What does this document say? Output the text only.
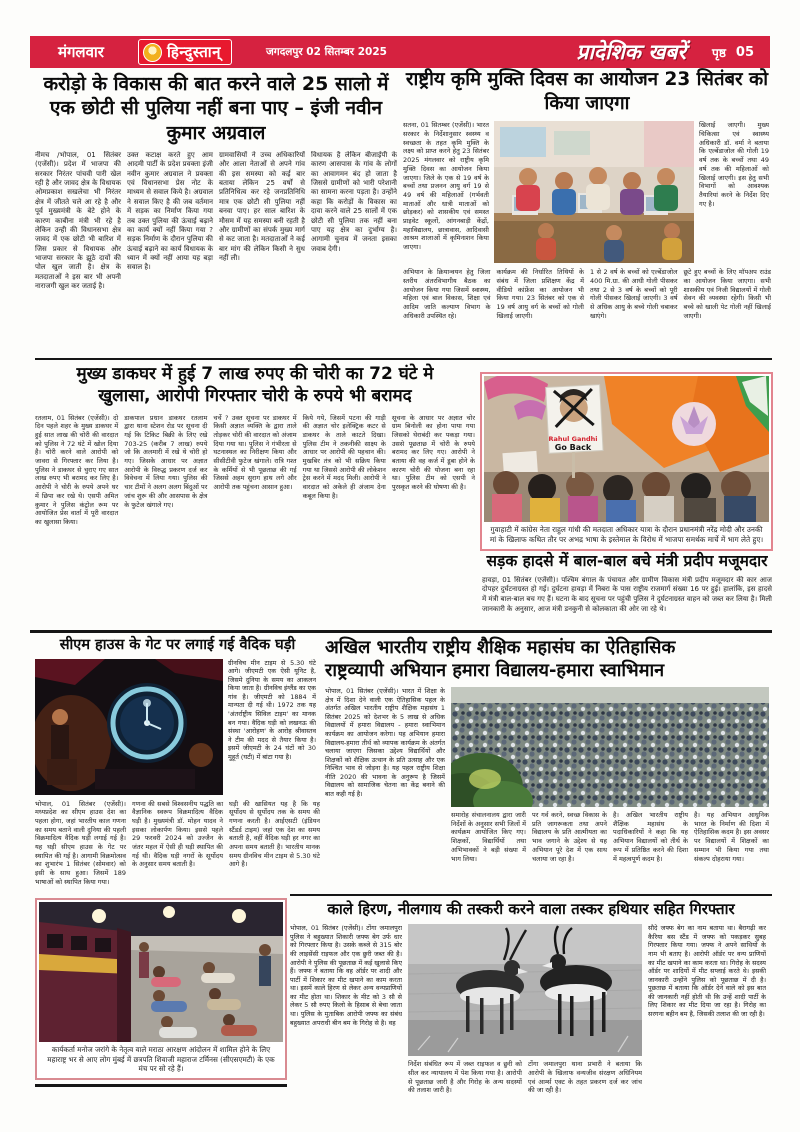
मंगलवार	हिन्दुस्तान्	जगदलपुर 02 सितम्बर 2025	प्रादेशिक खबरें पृष्ठ 05
करोड़ो के विकास की बात करने वाले 25 सालो में एक छोटी सी पुलिया नहीं बना पाए – इंजी नवीन कुमार अग्रवाल
नीमच /भोपाल, 01 सितंबर (एजेंसी)। प्रदेश में भाजपा की सरकार निरंतर पांचवी पारी खेल रही है और जावद क्षेत्र के विधायक ओमप्रकाश सखलेचा भी निरंतर क्षेत्र में जीतते चले आ रहे है और पूर्व मुख्यमंत्री के बेटे होने के कारण काबीना मंत्री भी रहे है लेकिन उन्ही की विधानसभा क्षेत्र जावद में एक छोटी भी बारिश में जिस प्रकार से विधायक और भाजपा सरकार के झूठे दावों की पोल खुल जाती है। क्षेत्र के मतदाताओं ने इस बार भी अपनी नाराजगी खुल कर जताई है।
उक्त कटाक्ष करते हुए आम आदमी पार्टी के प्रदेश प्रवक्ता इंजी नवीन कुमार अग्रवाल ने प्रवक्ता एवं विधानसभा प्रेस नोट के माध्यम से सवाल किये है। अग्रवाल ने सवाल किए है की जब वर्तमान में सड़क का निर्माण किया गया तब उक्त पुलिया की ऊंचाई बढ़ाने का कार्य क्यों नहीं किया गया ? सड़क निर्माण के दौरान पुलिया की ऊंचाई बढ़ाने का कार्य विधायक के ध्यान में क्यों नहीं आया यह बड़ा सवाल है।
ग्रामवासियों ने उच्च अधिकारियों और आला नेताओं से अपने गांव की इस समस्या को कई बार बताया लेकिन 25 वर्षों से प्रतिनिधित्व कर रहे जनप्रतिनिधि मात्र एक छोटी सी पुलिया नहीं बनवा पाए। हर साल बारिश के मौसम में यह समस्या बनी रहती है और ग्रामीणों का संपर्क मुख्य मार्ग से कट जाता है। मतदाताओं ने कई बार मांग की लेकिन किसी ने सुध नहीं ली।
विधायक है लेकिन बीजाईपी के कारण आसपास के गांव के लोगों का आवागमन बंद हो जाता है जिससे ग्रामीणों को भारी परेशानी का सामना करना पड़ता है। उन्होंने कहा कि करोड़ों के विकास का दावा करने वाले 25 सालों में एक छोटी सी पुलिया तक नहीं बना पाए यह क्षेत्र का दुर्भाग्य है। आगामी चुनाव में जनता इसका जवाब देगी।
राष्ट्रीय कृमि मुक्ति दिवस का आयोजन 23 सितंबर को किया जाएगा
सतना, 01 सितम्बर (एजेंसी)। भारत सरकार के निर्देशानुसार स्वस्थ्य व स्वच्छता के तहत कृमि मुक्ति के लक्ष्य को प्राप्त करने हेतु 23 सितंबर 2025 मंगलवार को राष्ट्रीय कृमि मुक्ति दिवस का आयोजन किया जाएगा। जिले के एक से 19 वर्ष के बच्चों तथा प्रजनन आयु वर्ग 19 से 49 वर्ष की महिलाओं (गर्भवती माताओं और धात्री माताओं को छोड़कर) को शासकीय एवं समस्त प्राइवेट स्कूलों, आंगनबाड़ी केंद्रों, महाविद्यालय, छात्रावास, आदिवासी आश्रम शालाओं में कृमिनाशन किया जाएगा।
खिलाई जाएगी। मुख्य चिकित्सा एवं स्वास्थ्य अधिकारी डॉ. वर्मा ने बताया कि एल्बेंडाजोल की गोली 19 वर्ष तक के बच्चों तथा 49 वर्ष तक की महिलाओं को खिलाई जाएगी। इस हेतु सभी विभागों को आवश्यक तैयारियां करने के निर्देश दिए गए है।
अभियान के क्रियान्वयन हेतु जिला स्तरीय अंतरविभागीय बैठक का आयोजन किया गया जिसमें स्वास्थ्य, महिला एवं बाल विकास, शिक्षा एवं आदिम जाति कल्याण विभाग के अधिकारी उपस्थित रहे।
कार्यक्रम की निर्धारित तिथियों के संबंध में जिला प्रशिक्षण केंद्र में वीडियो कांफ्रेंस का आयोजन भी किया गया। 23 सितंबर को एक से 19 वर्ष आयु वर्ग के बच्चों को गोली खिलाई जाएगी।
1 से 2 वर्ष के बच्चों को एल्बेंडाजोल 400 मि.ग्रा. की आधी गोली पीसकर तथा 2 से 3 वर्ष के बच्चों को पूरी गोली पीसकर खिलाई जाएगी। 3 वर्ष से अधिक आयु के बच्चे गोली चबाकर खाएंगे।
छूटे हुए बच्चों के लिए मॉपअप राउंड का आयोजन किया जाएगा। सभी शासकीय एवं निजी विद्यालयों में गोली सेवन की व्यवस्था रहेगी। किसी भी बच्चे को खाली पेट गोली नहीं खिलाई जाएगी।
मुख्य डाकघर में हुई 7 लाख रुपए की चोरी का 72 घंटे मे
खुलासा, आरोपी गिरफ्तार चोरी के रुपये भी बरामद
रतलाम, 01 सितंबर (एजेंसी)। दो दिन पहले शहर के मुख्य डाकघर में हुई सात लाख की चोरी की वारदात को पुलिस ने 72 घंटे में खोल दिया है। चोरी करने वाले आरोपी को जावरा से गिरफ्तार कर लिया है। पुलिस ने डाकघर से चुराए गए सात लाख रुपए भी बरामद कर लिए है। आरोपी ने चोरी के रुपये अपने घर में छिपा कर रखे थे। एसपी अमित कुमार ने पुलिस कंट्रोल रूम पर आयोजित प्रेस वार्ता में पूरी वारदात का खुलासा किया।
डाकपाल प्रधान डाकघर रतलाम द्वारा थाना स्टेशन रोड पर सूचना दी गई कि टिकिट बिक्री के लिए रखे 703-25 (करीब 7 लाख) रुपये जो कि अलमारी में रखे थे चोरी हो गए। जिसके आधार पर अज्ञात आरोपी के विरुद्ध प्रकरण दर्ज कर विवेचना में लिया गया। पुलिस की चार टीमों ने अलग अलग बिंदुओं पर जांच शुरू की और आसपास के क्षेत्र के फुटेज खंगाले गए।
चर्चे ? उक्त सूचना पर डाकघर में किसी अज्ञात व्यक्ति के द्वारा ताले तोड़कर चोरी की वारदात को अंजाम दिया गया था। पुलिस ने गंभीरता से घटनास्थल का निरीक्षण किया और सीसीटीवी फुटेज खंगाले। रात्रि गश्त के कर्मियों से भी पूछताछ की गई जिससे अहम सुराग हाथ लगे और आरोपी तक पहुंचना आसान हुआ।
किये गये, जिसमें पटना की गाड़ी की अज्ञात चोर इलेक्ट्रिक कटर से डाकघर के ताले काटते दिखा। पुलिस टीम ने तकनीकी साक्ष्य के आधार पर आरोपी की पहचान की। मुखबिर तंत्र को भी सक्रिय किया गया था जिससे आरोपी की लोकेशन ट्रेस करने में मदद मिली। आरोपी ने वारदात को अकेले ही अंजाम देना कबूल किया है।
सूचना के आधार पर अज्ञात चोर ग्राम बिनोली का होना पाया गया जिसको घेराबंदी कर पकड़ा गया। उससे पूछताछ में चोरी के रुपये बरामद कर लिए गए। आरोपी ने बताया की वह कर्ज में डूबा होने के कारण चोरी की योजना बना रहा था। पुलिस टीम को एसपी ने पुरस्कृत करने की घोषणा की है।
Rahul Gandhi
Go Back
गुवाहाटी में कांग्रेस नेता राहुल गांधी की मतदाता अधिकार यात्रा के दौरान प्रधानमंत्री नरेंद्र मोदी और उनकी मां के खिलाफ कथित तौर पर अभद्र भाषा के इस्तेमाल के विरोध में भाजपा समर्थक मार्चे में भाग लेते हुए।
सड़क हादसे में बाल-बाल बचे मंत्री प्रदीप मजूमदार
हावड़ा, 01 सितंबर (एजेंसी)। पश्चिम बंगाल के पंचायत और ग्रामीण विकास मंत्री प्रदीप मजूमदार की कार आज दोपहर दुर्घटनाग्रस्त हो गई। दुर्घटना हावड़ा में निबरा के पास राष्ट्रीय राजमार्ग संख्या 16 पर हुई। हालांकि, इस हादसे में मंत्री बाल-बाल बच गए हैं। घटना के बाद सूचना पर पहुंची पुलिस ने दुर्घटनाग्रस्त वाहन को जब्त कर लिया है। मिली जानकारी के अनुसार, आज मंत्री डनकुनी से कोलकाता की ओर जा रहे थे।
सीएम हाउस के गेट पर लगाई गई वैदिक घड़ी
ग्रीनविच मीन टाइम से 5.30 घंटे आगे। जीएमटी एक ऐसी यूनिट है, जिसमे दुनिया के समय का आकलन किया जाता है। ग्रीनविच इंग्लैंड का एक गांव है। जीएमटी को 1884 में मान्यता दी गई थी। 1972 तक यह 'अंतर्राष्ट्रीय सिविल टाइम' का मानक बन गया। वैदिक घड़ी को लखनऊ की संस्था 'आरोहण' के आरोह श्रीवास्तव ने टीम की मदद से तैयार किया है। इसमें जीएमटी के 24 घंटों को 30 मुहूर्त (घटी) में बांटा गया है।
भोपाल, 01 सितंबर (एजेंसी)। मध्यप्रदेश का सीएम हाउस देश का पहला होगा, जहां भारतीय काल गणना का समय बताने वाली दुनिया की पहली विक्रमादित्य वैदिक घड़ी लगाई गई है। यह घड़ी सीएम हाउस के गेट पर स्थापित की गई है। आगामी विक्रमोत्सव का शुभारंभ 1 सितंबर (सोमवार) को इसी के साथ हुआ। जिसमें 189 भाषाओं को स्थापित किया गया।
गणना की सबसे विश्वसनीय पद्धति का वैज्ञानिक स्वरूप विक्रमादित्य वैदिक घड़ी है। मुख्यमंत्री डॉ. मोहन यादव ने इसका लोकार्पण किया। इससे पहले 29 फरवरी 2024 को उज्जैन के जंतर महल में ऐसी ही घड़ी स्थापित की गई थी। वैदिक घड़ी नगरों के सूर्योदय के अनुसार समय बताती है।
घड़ी की खासियत यह है कि यह सूर्योदय से सूर्योदय तक के समय की गणना करती है। आईएसटी (इंडियन स्टैंडर्ड टाइम) जहां एक देश का समय बताती है, वहीं वैदिक घड़ी हर नगर का अपना समय बताती है। भारतीय मानक समय ग्रीनविच मीन टाइम से 5.30 घंटे आगे है।
कार्यकर्ता मनोज जरांगे के नेतृत्व वाले मराठा आरक्षण आंदोलन में शामिल होने के लिए महाराष्ट्र भर से आए लोग मुंबई में छत्रपति शिवाजी महाराज टर्मिनस (सीएसएमटी) के एक मंच पर सो रहे हैं।
अखिल भारतीय राष्ट्रीय शैक्षिक महासंघ का ऐतिहासिक
राष्ट्रव्यापी अभियान हमारा विद्यालय-हमारा स्वाभिमान
भोपाल, 01 सितंबर (एजेंसी)। भारत में शिक्षा के क्षेत्र में दिशा देने वाली एक ऐतिहासिक पहल के अंतर्गत अखिल भारतीय राष्ट्रीय शैक्षिक महासंघ 1 सितंबर 2025 को देशभर के 5 लाख से अधिक विद्यालयों में हमारा विद्यालय - हमारा स्वाभिमान कार्यक्रम का आयोजन करेगा। यह अभियान हमारा विद्यालय-हमारा तीर्थ को व्यापक कार्यक्रम के अंतर्गत चलाया जाएगा जिसका उद्देश्य विद्यार्थियों और शिक्षकों को शैक्षिक उत्थान के प्रति उत्साह और एक निश्चित भाव से जोड़ना है। यह पहल राष्ट्रीय शिक्षा नीति 2020 की भावना के अनुरूप है जिसमें विद्यालय को सामाजिक चेतना का केंद्र बनाने की बात कही गई है।
समारोह संचालनालय द्वारा जारी निर्देशों के अनुसार सभी जिलों में कार्यक्रम आयोजित किए गए। शिक्षकों, विद्यार्थियों तथा अभिभावकों ने बड़ी संख्या में भाग लिया।
पर गर्व करने, स्वच्छ विकास के प्रति जागरूकता तथा अपने विद्यालय के प्रति आत्मीयता का भाव जगाने के उद्देश्य से यह अभियान पूरे देश में एक साथ चलाया जा रहा है।
है। अखिल भारतीय राष्ट्रीय शैक्षिक महासंघ के पदाधिकारियों ने कहा कि यह अभियान विद्यालयों को तीर्थ के रूप में प्रतिष्ठित करने की दिशा में महत्वपूर्ण कदम है।
है। यह अभियान आधुनिक भारत के निर्माण की दिशा में ऐतिहासिक कदम है। इस अवसर पर विद्यालयों में शिक्षकों का सम्मान भी किया गया तथा संकल्प दोहराया गया।
काले हिरण, नीलगाय की तस्करी करने वाला तस्कर हथियार सहित गिरफ्तार
भोपाल, 01 सितंबर (एजेंसी)। टोंगा जमालपुरा पुलिस ने बहुख्यात शिकारी जफ्फ बेग उर्फ धार को गिरफ्तार किया है। उसके कब्जे से 315 बोर की लाइसेंसी राइफल और एक छुरी जब्त की है। आरोपी ने पुलिस की पूछताछ में कई खुलासे किए हैं। जफ्फ ने बताया कि वह ऑर्डर पर शादी और पार्टी में शिकार का मीट खपाने का काम करता था। इसमें काले हिरण से लेकर अन्य वन्यप्राणियों का मीट होता था। शिकार के मीट को 3 सौ से लेकर 5 सौ रुपए किलो के हिसाब से बेचा जाता था। पुलिस के मुताबिक आरोपी जफ्फ का संबंध बहुख्यात अपराधी बीन बम के गिरोह से है। वह
निर्देश संबंधित रूप में जब्त राइफल व छुरी को सील कर न्यायालय में पेश किया गया है। आरोपी से पूछताछ जारी है और गिरोह के अन्य सदस्यों की तलाश जारी है।
टोंगा जमालपुरा थाना प्रभारी ने बताया कि आरोपी के खिलाफ वन्यजीव संरक्षण अधिनियम एवं आर्म्स एक्ट के तहत प्रकरण दर्ज कर जांच की जा रही है।
सौदे जफ्फ बेग का नाम बताया था। बैरागढ़ी कर कैरिया बस स्टैंड में जफ्फ को पकड़कर सुबह गिरफ्तार किया गया। जफ्फ ने अपने साथियों के नाम भी बताए है। आरोपी ऑर्डर पर वन्य प्राणियों का मीट खपाने का काम करता था। गिरोह के सदस्य ऑर्डर पर शादियों में मीट सप्लाई करते थे। इसकी जानकारी उन्होंने पुलिस को पूछताछ में दी है। पूछताछ में बताया कि ऑर्डर देने वाले को इस बात की जानकारी नहीं होती थी कि उन्हें शादी पार्टी के लिए शिकार का मीट दिया जा रहा है। गिरोह का सरगना बहीन बम है, जिसकी तलाश की जा रही है।
